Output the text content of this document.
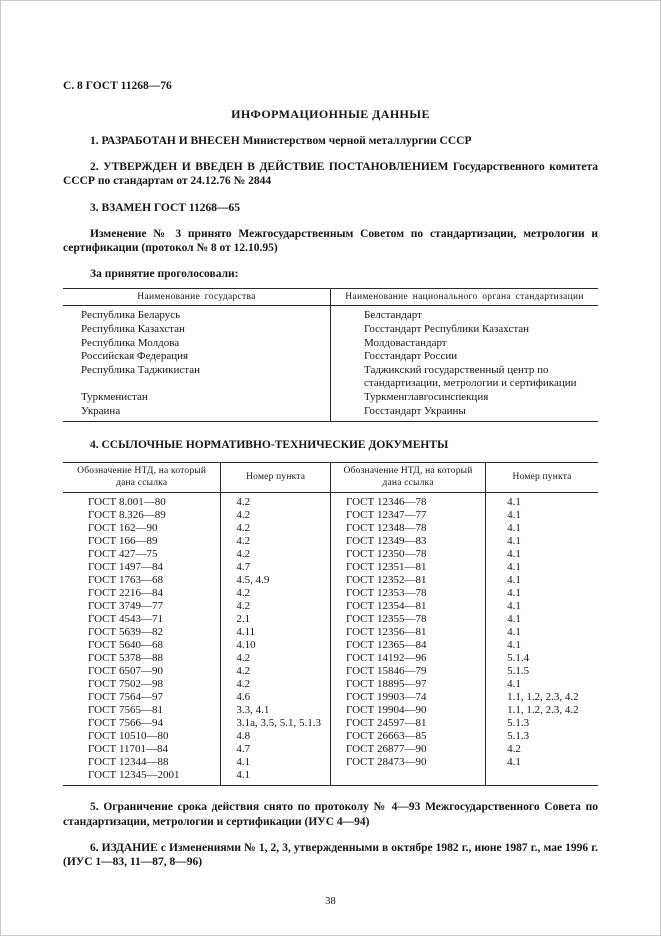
С. 8 ГОСТ 11268—76
ИНФОРМАЦИОННЫЕ ДАННЫЕ

1. РАЗРАБОТАН И ВНЕСЕН Министерством черной металлургии СССР

2. УТВЕРЖДЕН И ВВЕДЕН В ДЕЙСТВИЕ ПОСТАНОВЛЕНИЕМ Государственного комитета СССР по стандартам от 24.12.76 № 2844

3. ВЗАМЕН ГОСТ 11268—65

Изменение № 3 принято Межгосударственным Советом по стандартизации, метрологии и сертификации (протокол № 8 от 12.10.95)

За принятие проголосовали:

Наименование государства	Наименование национального органа стандартизации
Республика Беларусь	Белстандарт
Республика Казахстан	Госстандарт Республики Казахстан
Республика Молдова	Молдовастандарт
Российская Федерация	Госстандарт России
Республика Таджикистан	Таджикский государственный центр по стандартизации, метрологии и сертификации
Туркменистан	Туркменглавгосинспекция
Украина	Госстандарт Украины

4. ССЫЛОЧНЫЕ НОРМАТИВНО-ТЕХНИЧЕСКИЕ ДОКУМЕНТЫ

Обозначение НТД, на который дана ссылка	Номер пункта	Обозначение НТД, на который дана ссылка	Номер пункта
ГОСТ 8.001—80	4.2	ГОСТ 12346—78	4.1
ГОСТ 8.326—89	4.2	ГОСТ 12347—77	4.1
ГОСТ 162—90	4.2	ГОСТ 12348—78	4.1
ГОСТ 166—89	4.2	ГОСТ 12349—83	4.1
ГОСТ 427—75	4.2	ГОСТ 12350—78	4.1
ГОСТ 1497—84	4.7	ГОСТ 12351—81	4.1
ГОСТ 1763—68	4.5, 4.9	ГОСТ 12352—81	4.1
ГОСТ 2216—84	4.2	ГОСТ 12353—78	4.1
ГОСТ 3749—77	4.2	ГОСТ 12354—81	4.1
ГОСТ 4543—71	2.1	ГОСТ 12355—78	4.1
ГОСТ 5639—82	4.11	ГОСТ 12356—81	4.1
ГОСТ 5640—68	4.10	ГОСТ 12365—84	4.1
ГОСТ 5378—88	4.2	ГОСТ 14192—96	5.1.4
ГОСТ 6507—90	4.2	ГОСТ 15846—79	5.1.5
ГОСТ 7502—98	4.2	ГОСТ 18895—97	4.1
ГОСТ 7564—97	4.6	ГОСТ 19903—74	1.1, 1.2, 2.3, 4.2
ГОСТ 7565—81	3.3, 4.1	ГОСТ 19904—90	1.1, 1.2, 2.3, 4.2
ГОСТ 7566—94	3.1а, 3.5, 5.1, 5.1.3	ГОСТ 24597—81	5.1.3
ГОСТ 10510—80	4.8	ГОСТ 26663—85	5.1.3
ГОСТ 11701—84	4.7	ГОСТ 26877—90	4.2
ГОСТ 12344—88	4.1	ГОСТ 28473—90	4.1
ГОСТ 12345—2001	4.1		

5. Ограничение срока действия снято по протоколу № 4—93 Межгосударственного Совета по стандартизации, метрологии и сертификации (ИУС 4—94)

6. ИЗДАНИЕ с Изменениями № 1, 2, 3, утвержденными в октябре 1982 г., июне 1987 г., мае 1996 г. (ИУС 1—83, 11—87, 8—96)

38
